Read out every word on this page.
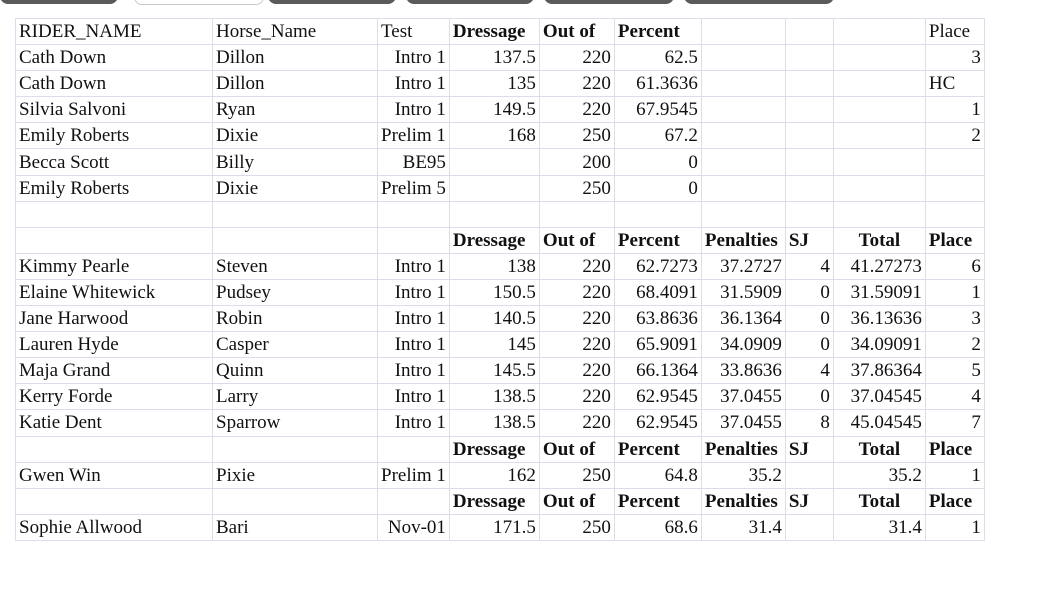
RIDER_NAME	Horse_Name	Test	Dressage	Out of	Percent				Place
Cath Down	Dillon	Intro 1	137.5	220	62.5				3
Cath Down	Dillon	Intro 1	135	220	61.3636				HC
Silvia Salvoni	Ryan	Intro 1	149.5	220	67.9545				1
Emily Roberts	Dixie	Prelim 1	168	250	67.2				2
Becca Scott	Billy	BE95		200	0				
Emily Roberts	Dixie	Prelim 5		250	0				

			Dressage	Out of	Percent	Penalties	SJ	Total	Place
Kimmy Pearle	Steven	Intro 1	138	220	62.7273	37.2727	4	41.27273	6
Elaine Whitewick	Pudsey	Intro 1	150.5	220	68.4091	31.5909	0	31.59091	1
Jane Harwood	Robin	Intro 1	140.5	220	63.8636	36.1364	0	36.13636	3
Lauren Hyde	Casper	Intro 1	145	220	65.9091	34.0909	0	34.09091	2
Maja Grand	Quinn	Intro 1	145.5	220	66.1364	33.8636	4	37.86364	5
Kerry Forde	Larry	Intro 1	138.5	220	62.9545	37.0455	0	37.04545	4
Katie Dent	Sparrow	Intro 1	138.5	220	62.9545	37.0455	8	45.04545	7
			Dressage	Out of	Percent	Penalties	SJ	Total	Place
Gwen Win	Pixie	Prelim 1	162	250	64.8	35.2		35.2	1
			Dressage	Out of	Percent	Penalties	SJ	Total	Place
Sophie Allwood	Bari	Nov-01	171.5	250	68.6	31.4		31.4	1
